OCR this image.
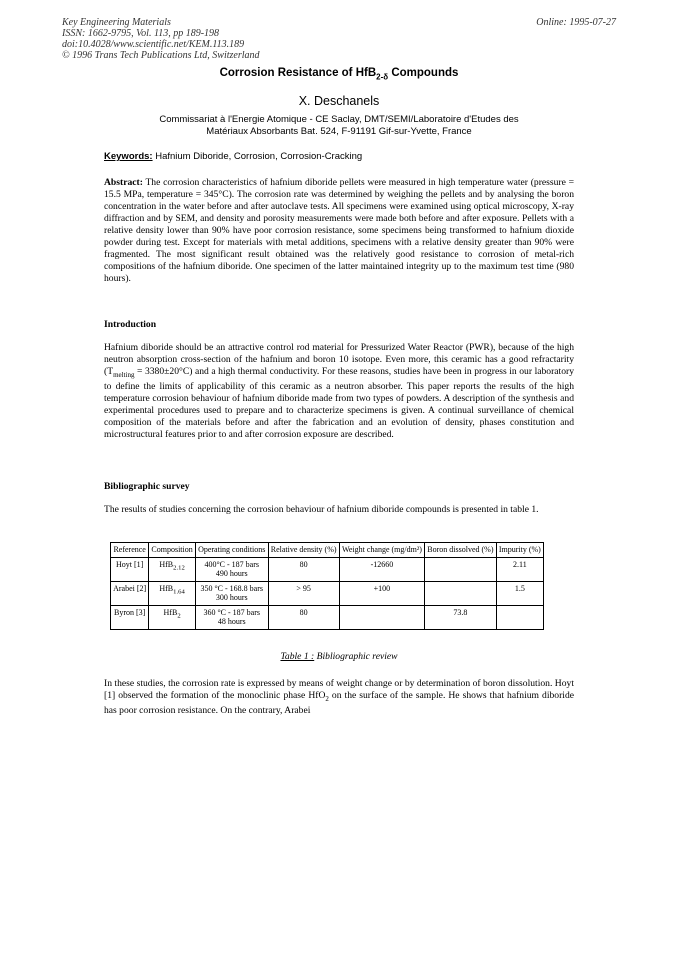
Key Engineering Materials
ISSN: 1662-9795, Vol. 113, pp 189-198
doi:10.4028/www.scientific.net/KEM.113.189
© 1996 Trans Tech Publications Ltd, Switzerland
Online: 1995-07-27
Corrosion Resistance of HfB$_{2-\delta}$ Compounds
X. Deschanels
Commissariat à l'Energie Atomique - CE Saclay, DMT/SEMI/Laboratoire d'Etudes des
Matériaux Absorbants Bat. 524, F-91191 Gif-sur-Yvette, France
Keywords: Hafnium Diboride, Corrosion, Corrosion-Cracking
Abstract: The corrosion characteristics of hafnium diboride pellets were measured in high temperature water (pressure = 15.5 MPa, temperature = 345°C). The corrosion rate was determined by weighing the pellets and by analysing the boron concentration in the water before and after autoclave tests. All specimens were examined using optical microscopy, X-ray diffraction and by SEM, and density and porosity measurements were made both before and after exposure. Pellets with a relative density lower than 90% have poor corrosion resistance, some specimens being transformed to hafnium dioxide powder during test. Except for materials with metal additions, specimens with a relative density greater than 90% were fragmented. The most significant result obtained was the relatively good resistance to corrosion of metal-rich compositions of the hafnium diboride. One specimen of the latter maintained integrity up to the maximum test time (980 hours).
Introduction
Hafnium diboride should be an attractive control rod material for Pressurized Water Reactor (PWR), because of the high neutron absorption cross-section of the hafnium and boron 10 isotope. Even more, this ceramic has a good refractarity $(T_{melting} = 3380\pm 20^\circ C)$ and a high thermal conductivity. For these reasons, studies have been in progress in our laboratory to define the limits of applicability of this ceramic as a neutron absorber. This paper reports the results of the high temperature corrosion behaviour of hafnium diboride made from two types of powders. A description of the synthesis and experimental procedures used to prepare and to characterize specimens is given. A continual surveillance of chemical composition of the materials before and after the fabrication and an evolution of density, phases constitution and microstructural features prior to and after corrosion exposure are described.
Bibliographic survey
The results of studies concerning the corrosion behaviour of hafnium diboride compounds is presented in table 1.
Reference	Composition	Operating conditions	Relative density (%)	Weight change (mg/dm²)	Boron dissolved (%)	Impurity (%)
Hoyt [1]	HfB$_{2.12}$	400°C - 187 bars
490 hours	80	-12660		2.11
Arabei [2]	HfB$_{1.64}$	350 °C - 168.8 bars
300 hours	> 95	+100		1.5
Byron [3]	HfB$_2$	360 °C - 187 bars
48 hours	80		73.8	
Table 1 : Bibliographic review
In these studies, the corrosion rate is expressed by means of weight change or by determination of boron dissolution. Hoyt [1] observed the formation of the monoclinic phase HfO$_2$ on the surface of the sample. He shows that hafnium diboride has poor corrosion resistance. On the contrary, Arabei
